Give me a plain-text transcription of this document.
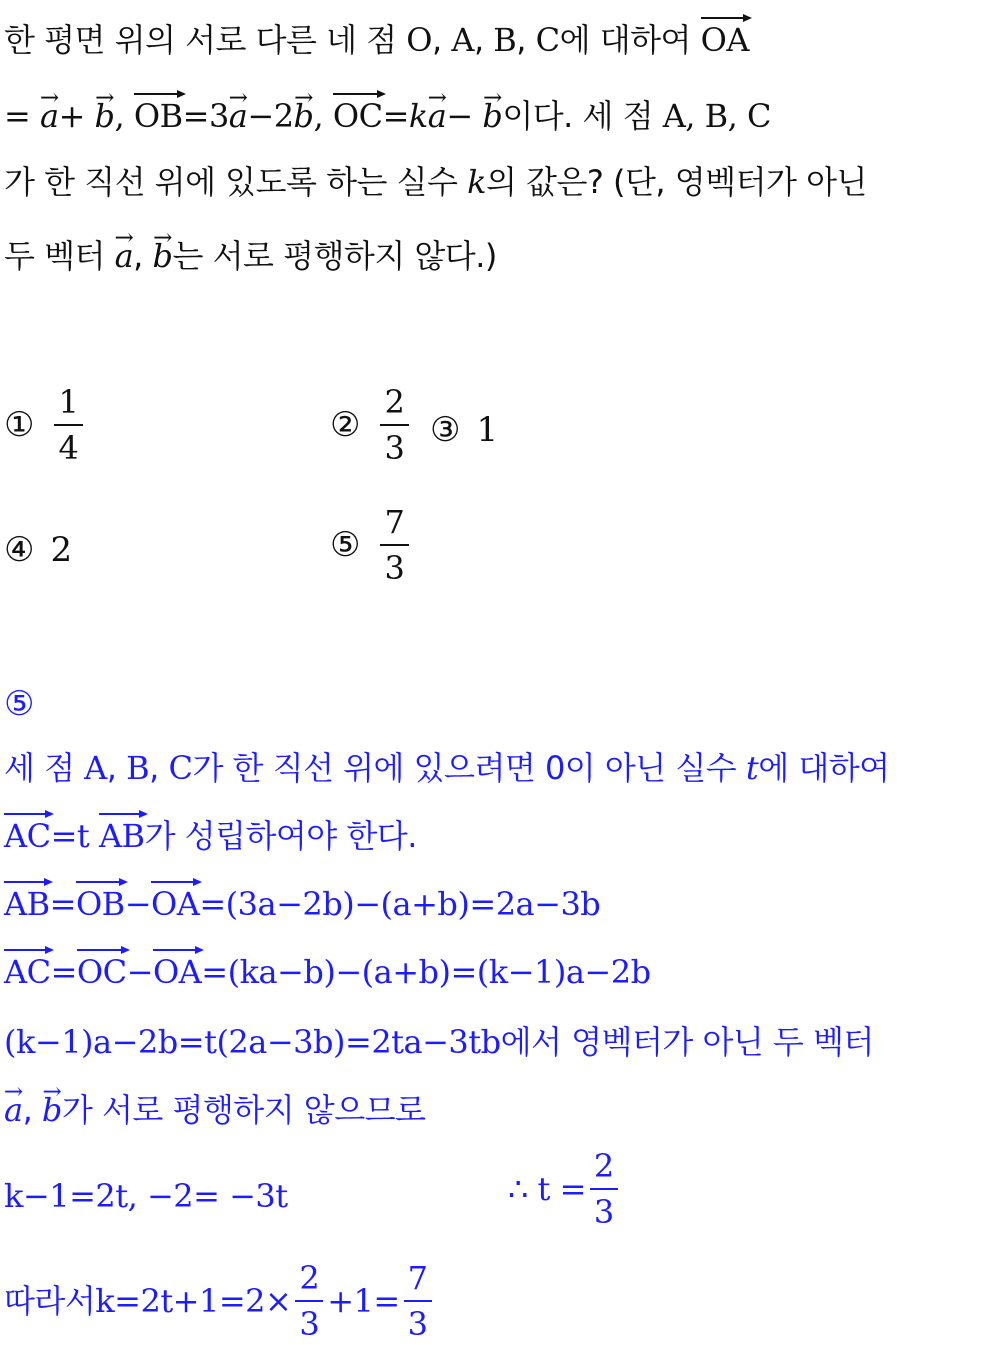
한 평면 위의 서로 다른 네 점 O, A, B, C에 대하여 OA
= → a+ → b, OB=3→ a−2→ b, OC=k→ a− → b이다. 세 점 A, B, C
가 한 직선 위에 있도록 하는 실수 k의 값은? (단, 영벡터가 아닌
두 벡터 → a, → b는 서로 평행하지 않다.)
① $\frac{1}{4}$	② $\frac{2}{3}$ ③ 1
④ 2	⑤ $\frac{7}{3}$
⑤
세 점 A, B, C가 한 직선 위에 있으려면 0이 아닌 실수 t에 대하여
AC=t AB가 성립하여야 한다.
AB=OB−OA=(3a−2b)−(a+b)=2a−3b
AC=OC−OA=(ka−b)−(a+b)=(k−1)a−2b
(k−1)a−2b=t(2a−3b)=2ta−3tb에서 영벡터가 아닌 두 벡터
→ a, → b가 서로 평행하지 않으므로
k−1=2t, −2= −3t	∴ $t = \frac{2}{3}$
따라서 $k=2t+1=2\times \frac{2}{3} +1= \frac{7}{3}$
